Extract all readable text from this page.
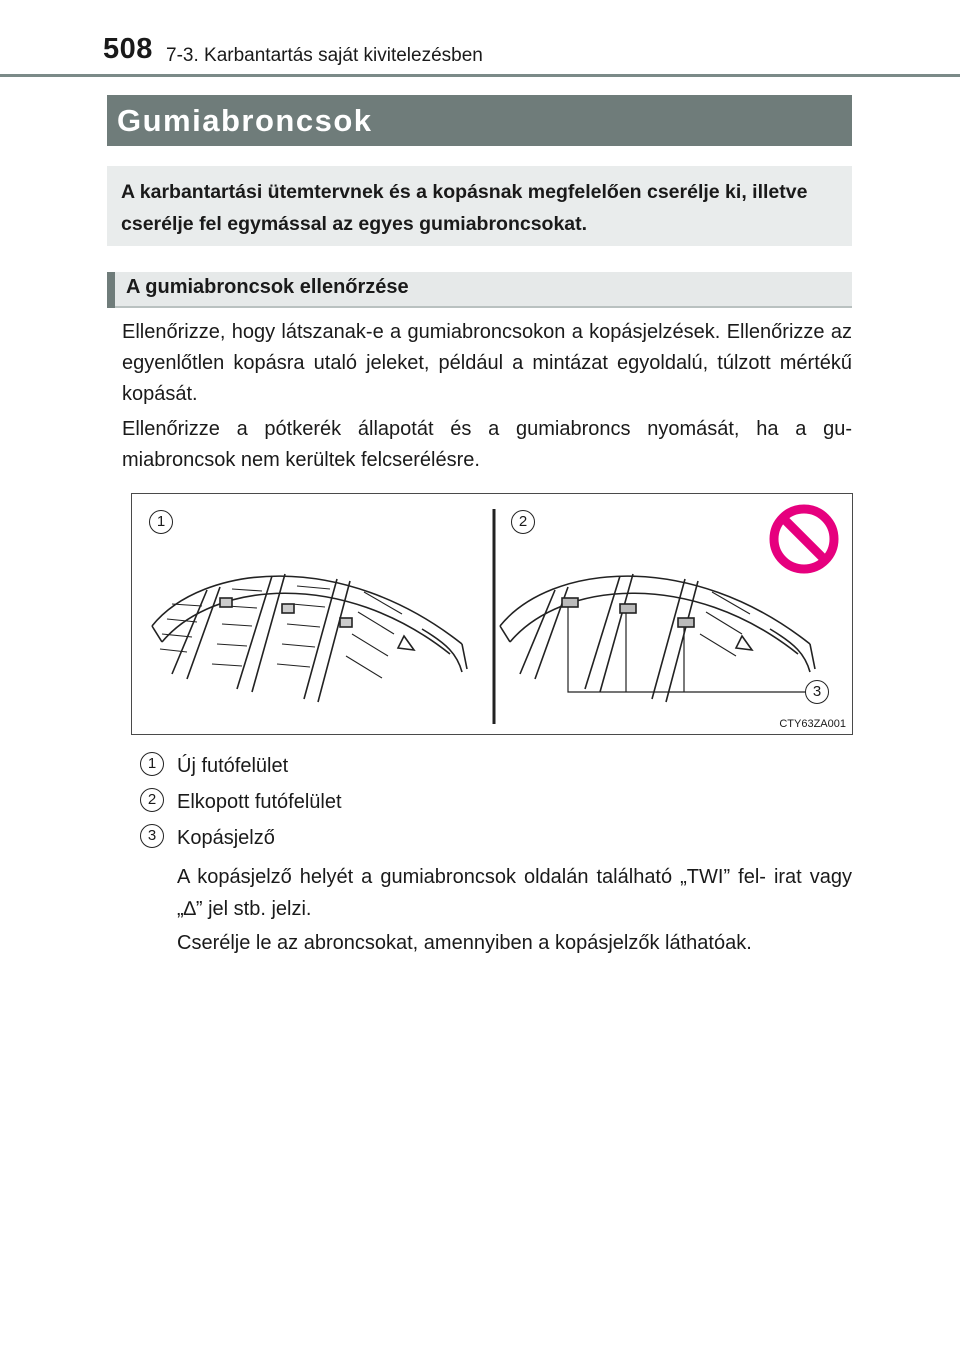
508 7-3. Karbantartás saját kivitelezésben
Gumiabroncsok

A karbantartási ütemtervnek és a kopásnak megfelelően cserélje ki, illetve cserélje fel egymással az egyes gumiabroncsokat.

A gumiabroncsok ellenőrzése

Ellenőrizze, hogy látszanak-e a gumiabroncsokon a kopásjelzések. Ellenőrizze az egyenlőtlen kopásra utaló jeleket, például a mintázat egyoldalú, túlzott mértékű kopását.

Ellenőrizze a pótkerék állapotát és a gumiabroncs nyomását, ha a gu- miabroncsok nem kerültek felcserélésre.

1	2
3
CTY63ZA001
1	Új futófelület
2	Elkopott futófelület
3	Kopásjelző

A kopásjelző helyét a gumiabroncsok oldalán található „TWI” fel- irat vagy „∆” jel stb. jelzi.

Cserélje le az abroncsokat, amennyiben a kopásjelzők láthatóak.
